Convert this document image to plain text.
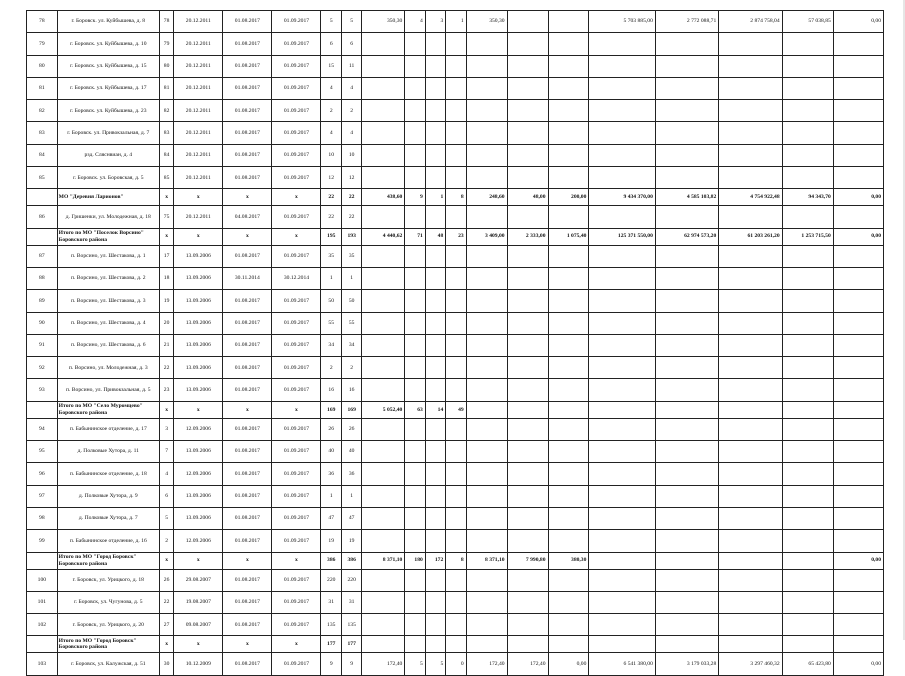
78	г. Боровск. ул. Куйбышева, д. 8	78	20.12.2011	01.08.2017	01.09.2017	5	5	350,30	4	3	1	350,30			5 703 885,00	2 772 088,71	2 874 758,04	57 038,85	0,00
79	г. Боровск. ул. Куйбышева, д. 10	79	20.12.2011	01.08.2017	01.09.2017	6	6												
80	г. Боровск. ул. Куйбышева, д. 15	80	20.12.2011	01.08.2017	01.09.2017	15	11												
81	г. Боровск. ул. Куйбышева, д. 17	81	20.12.2011	01.08.2017	01.09.2017	4	4												
82	г. Боровск. ул. Куйбышева, д. 23	82	20.12.2011	01.08.2017	01.09.2017	2	2												
83	г. Боровск. ул. Привокзальная, д. 7	83	20.12.2011	01.08.2017	01.09.2017	4	4												
84	рзд. Сляснвиан, д. 4	84	20.12.2011	01.08.2017	01.09.2017	10	10												
85	г. Боровск. ул. Боровская, д. 5	85	20.12.2011	01.08.2017	01.09.2017	12	12												
	МО "Деревня Ларионов"	x	x	x	x	22	22	438,60	9	1	8	248,60	48,00	200,00	9 434 370,00	4 585 103,82	4 754 922,48	94 343,70	0,00
86	д. Гришенки, ул. Молодежная, д. 18	75	20.12.2011	04.08.2017	01.09.2017	22	22												
	Итого по МО "Поселок Ворсино" Боровского района	x	x	x	x	195	193	4 440,62	71	48	23	3 409,00	2 333,00	1 075,40	125 371 550,00	62 974 573,20	61 203 261,20	1 253 715,50	0,00
87	п. Ворсино, ул. Шестакова, д. 1	17	13.09.2006	01.08.2017	01.09.2017	35	35												
88	п. Ворсино, ул. Шестакова, д. 2	18	13.09.2006	30.11.2014	30.12.2014	1	1												
89	п. Ворсино, ул. Шестакова, д. 3	19	13.09.2006	01.08.2017	01.09.2017	50	50												
90	п. Ворсино, ул. Шестакова, д. 4	20	13.09.2006	01.08.2017	01.09.2017	55	55												
91	п. Ворсино, ул. Шестакова, д. 6	21	13.09.2006	01.08.2017	01.09.2017	34	34												
92	п. Ворсино, ул. Молодежная, д. 3	22	13.09.2006	01.08.2017	01.09.2017	2	2												
93	п. Ворсино, ул. Привокзальная, д. 5	23	13.09.2006	01.08.2017	01.09.2017	16	16												
	Итого по МО "Село Муромцево" Боровского района	x	x	x	x	169	169	5 052,40	63	14	49								
94	п. Бабынинское отделение, д. 17	3	12.09.2006	01.08.2017	01.09.2017	26	26												
95	д. Полковые Хутора, д. 11	7	13.09.2006	01.08.2017	01.09.2017	40	40												
96	п. Бабынинское отделение, д. 18	4	12.09.2006	01.08.2017	01.09.2017	36	36												
97	д. Полковые Хутора, д. 9	6	13.09.2006	01.08.2017	01.09.2017	1	1												
98	д. Полковые Хутора, д. 7	5	13.09.2006	01.08.2017	01.09.2017	47	47												
99	п. Бабынинское отделение, д. 16	2	12.09.2006	01.08.2017	01.09.2017	19	19												
	Итого по МО "Город Боровск" Боровского района	x	x	x	x	386	386	8 371,10	180	172	8	8 371,10	7 990,80	380,30					0,00
100	г. Боровск, ул. Урицкого, д. 18	26	29.08.2007	01.08.2017	01.09.2017	220	220												
101	г. Боровск, ул. Чугунова, д. 5	22	19.08.2007	01.08.2017	01.09.2017	31	31												
102	г. Боровск, ул. Урицкого, д. 20	27	09.08.2007	01.08.2017	01.09.2017	135	135												
	Итого по МО "Город Боровск" Боровского района	x	x	x	x	177	177												
103	г. Боровск, ул. Калужская, д. 51	30	10.12.2009	01.08.2017	01.09.2017	9	9	172,40	5	5	0	172,40	172,40	0,00	6 541 380,00	3 179 033,28	3 297 460,32	65 423,80	0,00
